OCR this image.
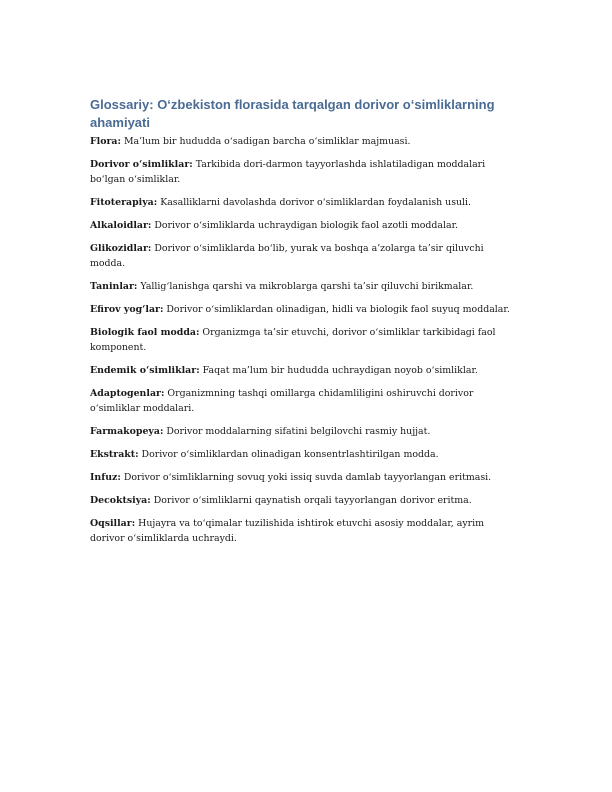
Glossariy: O‘zbekiston florasida tarqalgan dorivor o‘simliklarning ahamiyati
Flora: Ma’lum bir hududda o‘sadigan barcha o‘simliklar majmuasi.
Dorivor o‘simliklar: Tarkibida dori-darmon tayyorlashda ishlatiladigan moddalari bo‘lgan o‘simliklar.
Fitoterapiya: Kasalliklarni davolashda dorivor o‘simliklardan foydalanish usuli.
Alkaloidlar: Dorivor o‘simliklarda uchraydigan biologik faol azotli moddalar.
Glikozidlar: Dorivor o‘simliklarda bo‘lib, yurak va boshqa a’zolarga ta’sir qiluvchi modda.
Taninlar: Yallig‘lanishga qarshi va mikroblarga qarshi ta’sir qiluvchi birikmalar.
Efirov yog‘lar: Dorivor o‘simliklardan olinadigan, hidli va biologik faol suyuq moddalar.
Biologik faol modda: Organizmga ta’sir etuvchi, dorivor o‘simliklar tarkibidagi faol komponent.
Endemik o‘simliklar: Faqat ma’lum bir hududda uchraydigan noyob o‘simliklar.
Adaptogenlar: Organizmning tashqi omillarga chidamliligini oshiruvchi dorivor o‘simliklar moddalari.
Farmakopeya: Dorivor moddalarning sifatini belgilovchi rasmiy hujjat.
Ekstrakt: Dorivor o‘simliklardan olinadigan konsentrlashtirilgan modda.
Infuz: Dorivor o‘simliklarning sovuq yoki issiq suvda damlab tayyorlangan eritmasi.
Decoktsiya: Dorivor o‘simliklarni qaynatish orqali tayyorlangan dorivor eritma.
Oqsillar: Hujayra va to‘qimalar tuzilishida ishtirok etuvchi asosiy moddalar, ayrim dorivor o‘simliklarda uchraydi.
